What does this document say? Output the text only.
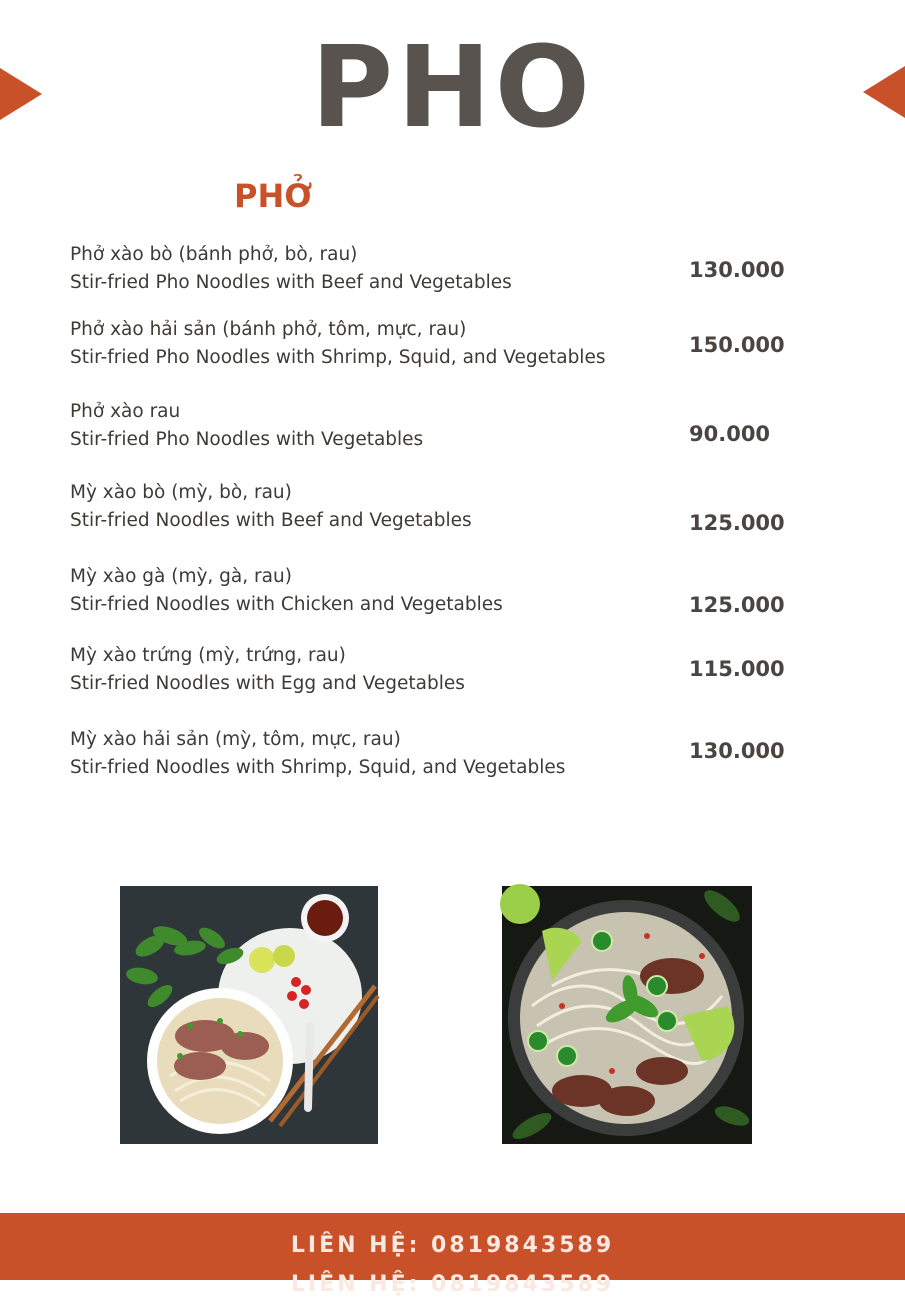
PHO
PHỞ
Phở xào bò (bánh phở, bò, rau)
Stir-fried Pho Noodles with Beef and Vegetables
130.000
Phở xào hải sản (bánh phở, tôm, mực, rau)
Stir-fried Pho Noodles with Shrimp, Squid, and Vegetables
150.000
Phở xào rau
Stir-fried Pho Noodles with Vegetables	90.000
Mỳ xào bò (mỳ, bò, rau)
Stir-fried Noodles with Beef and Vegetables	125.000
Mỳ xào gà (mỳ, gà, rau)
Stir-fried Noodles with Chicken and Vegetables	125.000
Mỳ xào trứng (mỳ, trứng, rau)
Stir-fried Noodles with Egg and Vegetables
115.000
Mỳ xào hải sản (mỳ, tôm, mực, rau)
Stir-fried Noodles with Shrimp, Squid, and Vegetables
130.000
LIÊN HỆ: 0819843589
LIÊN HỆ: 0819843589
